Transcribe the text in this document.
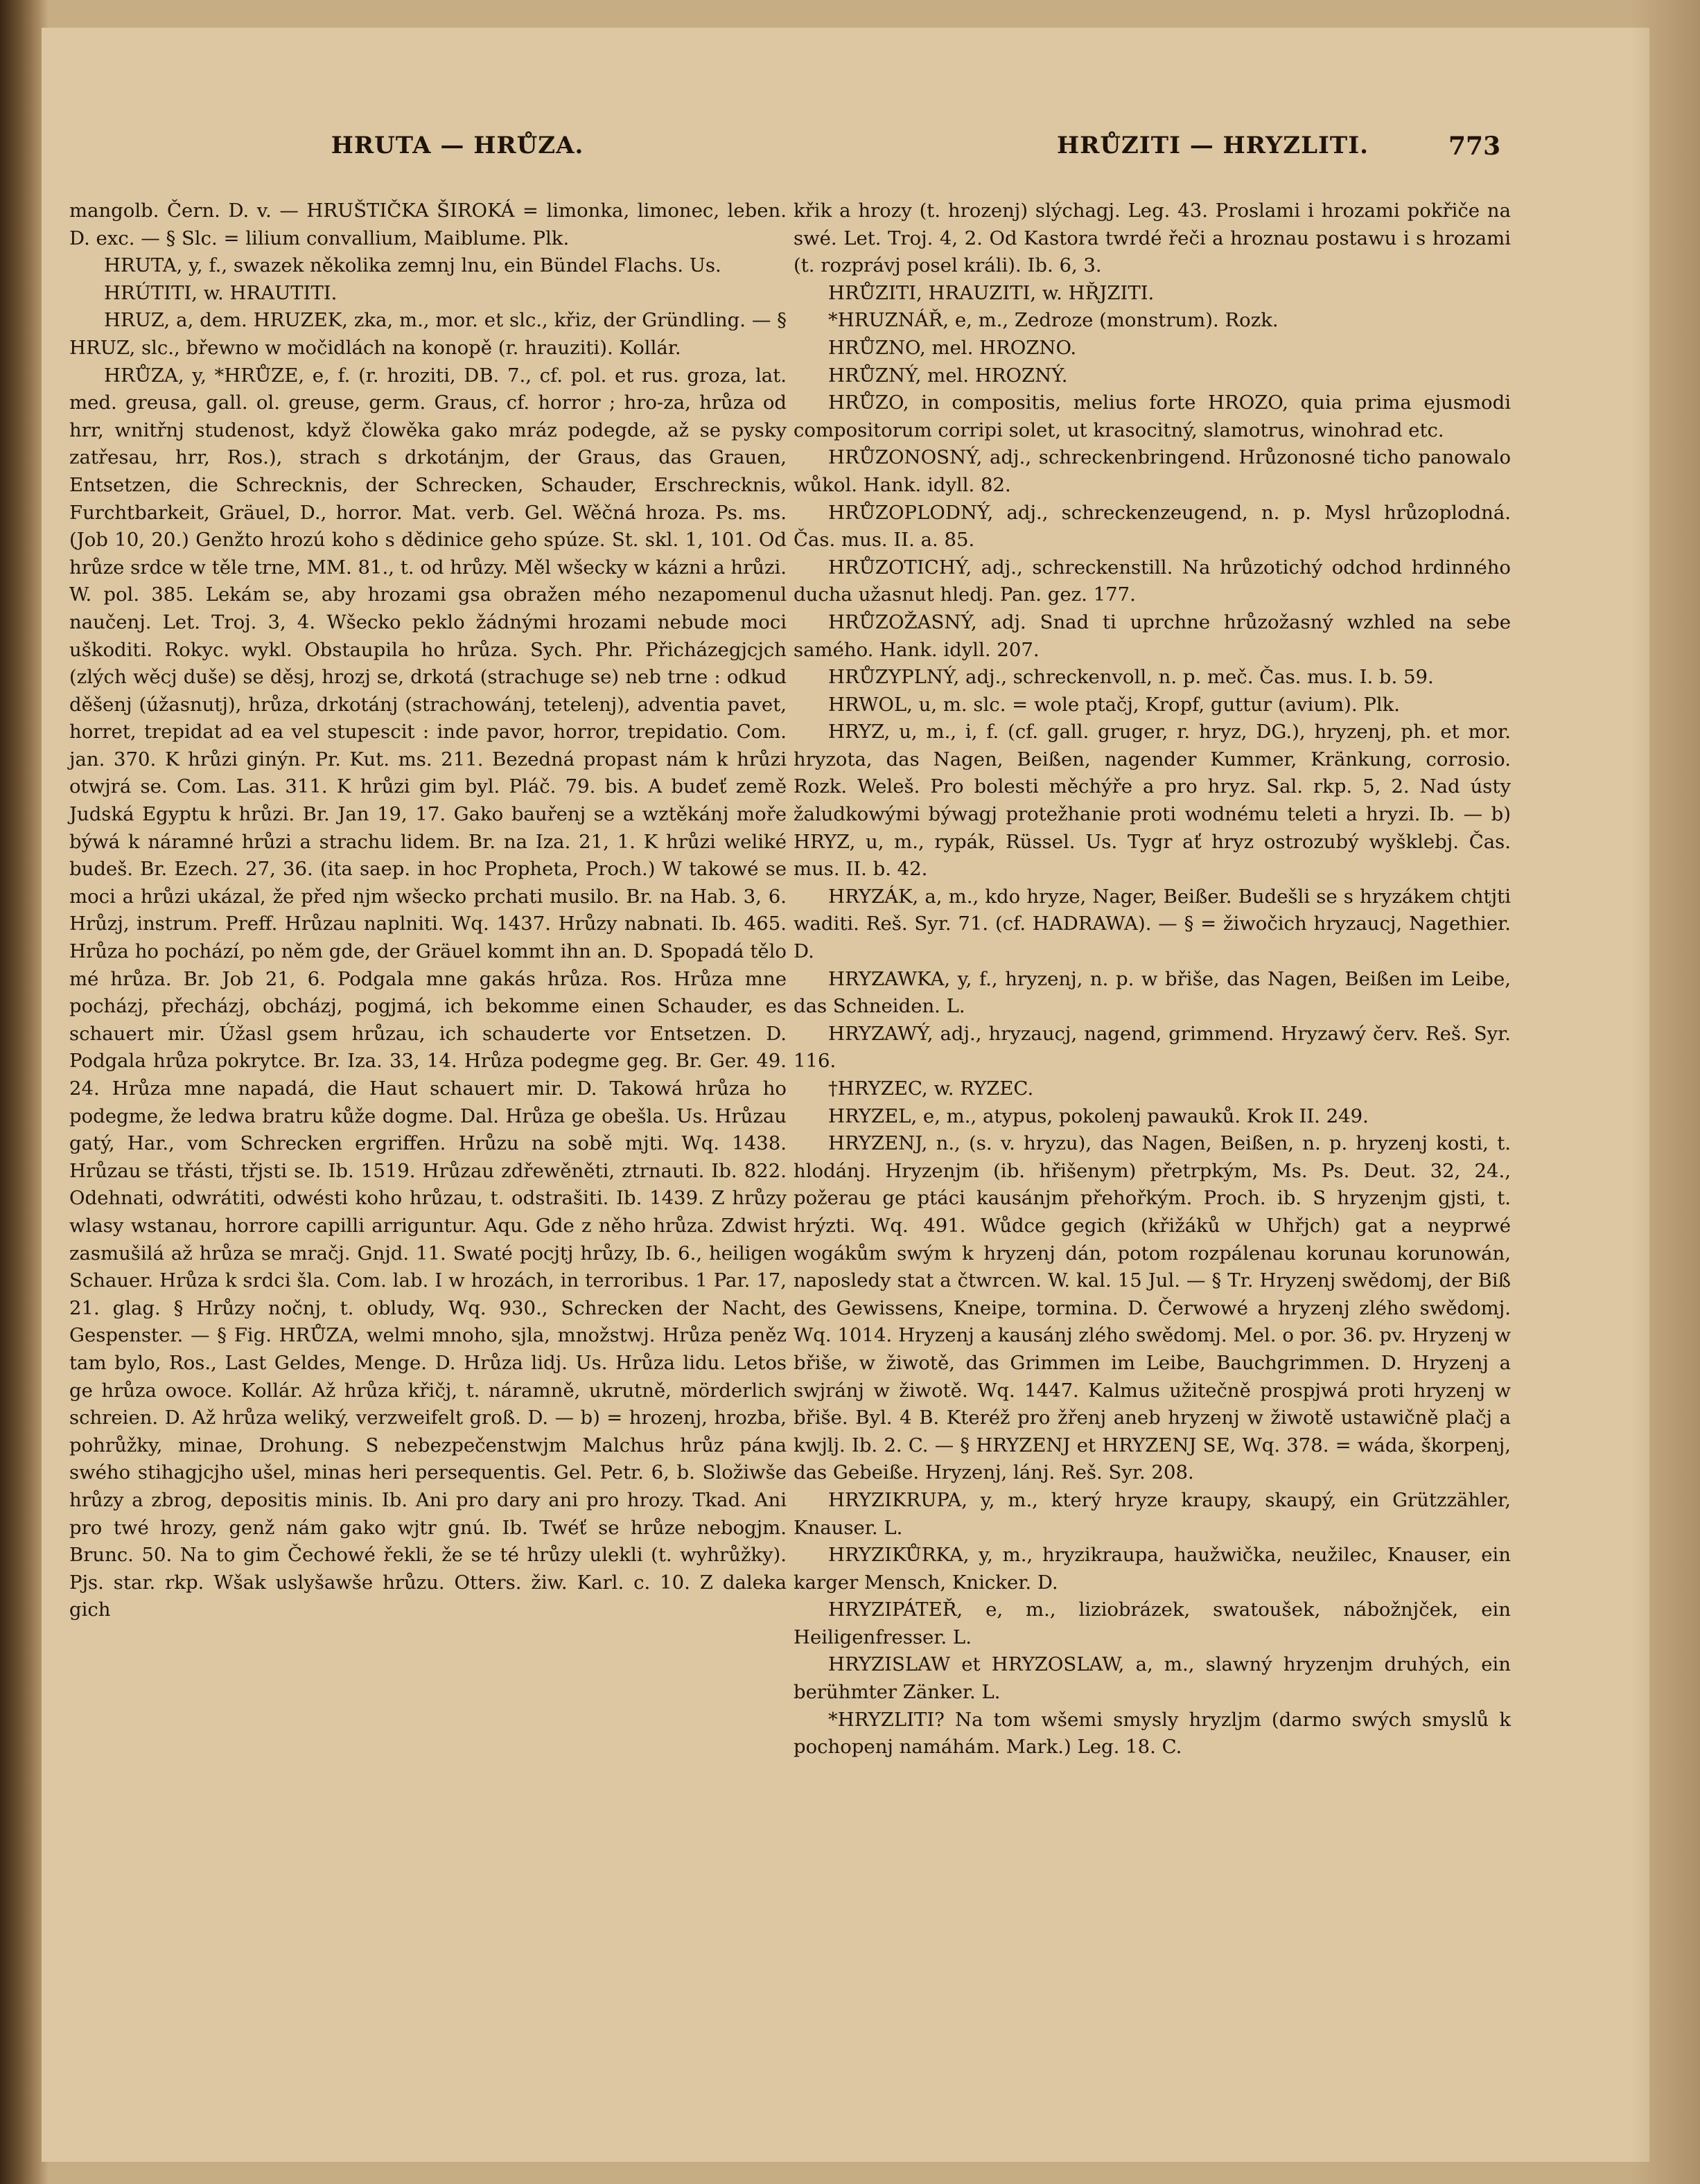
HRUTA — HRŮZA.	HRŮZITI — HRYZLITI.	773

mangolb. Čern. D. v. — HRUŠTIČKA ŠIROKÁ = limonka, limonec, leben. D. exc. — § Slc. = lilium convallium, Maiblume. Plk.

HRUTA, y, f., swazek několika zemnj lnu, ein Bündel Flachs. Us.

HRÚTITI, w. HRAUTITI.

HRUZ, a, dem. HRUZEK, zka, m., mor. et slc., křiz, der Gründling. — § HRUZ, slc., břewno w močidlách na konopě (r. hrauziti). Kollár.

HRŮZA, y, *HRŮZE, e, f. (r. hroziti, DB. 7., cf. pol. et rus. groza, lat. med. greusa, gall. ol. greuse, germ. Graus, cf. horror ; hro-za, hrůza od hrr, wnitřnj studenost, když člowěka gako mráz podegde, až se pysky zatřesau, hrr, Ros.), strach s drkotánjm, der Graus, das Grauen, Entsetzen, die Schrecknis, der Schrecken, Schauder, Erschrecknis, Furchtbarkeit, Gräuel, D., horror. Mat. verb. Gel. Wěčná hroza. Ps. ms. (Job 10, 20.) Genžto hrozú koho s dědinice geho spúze. St. skl. 1, 101. Od hrůze srdce w těle trne, MM. 81., t. od hrůzy. Měl wšecky w kázni a hrůzi. W. pol. 385. Lekám se, aby hrozami gsa obražen mého nezapomenul naučenj. Let. Troj. 3, 4. Wšecko peklo žádnými hrozami nebude moci uškoditi. Rokyc. wykl. Obstaupila ho hrůza. Sych. Phr. Přicházegjcjch (zlých wěcj duše) se děsj, hrozj se, drkotá (strachuge se) neb trne : odkud děšenj (úžasnutj), hrůza, drkotánj (strachowánj, tetelenj), adventia pavet, horret, trepidat ad ea vel stupescit : inde pavor, horror, trepidatio. Com. jan. 370. K hrůzi ginýn. Pr. Kut. ms. 211. Bezedná propast nám k hrůzi otwjrá se. Com. Las. 311. K hrůzi gim byl. Pláč. 79. bis. A budeť země Judská Egyptu k hrůzi. Br. Jan 19, 17. Gako bauřenj se a wztěkánj moře býwá k náramné hrůzi a strachu lidem. Br. na Iza. 21, 1. K hrůzi weliké budeš. Br. Ezech. 27, 36. (ita saep. in hoc Propheta, Proch.) W takowé se moci a hrůzi ukázal, že před njm wšecko prchati musilo. Br. na Hab. 3, 6. Hrůzj, instrum. Preff. Hrůzau naplniti. Wq. 1437. Hrůzy nabnati. Ib. 465. Hrůza ho pochází, po něm gde, der Gräuel kommt ihn an. D. Spopadá tělo mé hrůza. Br. Job 21, 6. Podgala mne gakás hrůza. Ros. Hrůza mne pocházj, přecházj, obcházj, pogjmá, ich bekomme einen Schauder, es schauert mir. Úžasl gsem hrůzau, ich schauderte vor Entsetzen. D. Podgala hrůza pokrytce. Br. Iza. 33, 14. Hrůza podegme geg. Br. Ger. 49. 24. Hrůza mne napadá, die Haut schauert mir. D. Takowá hrůza ho podegme, že ledwa bratru kůže dogme. Dal. Hrůza ge obešla. Us. Hrůzau gatý, Har., vom Schrecken ergriffen. Hrůzu na sobě mjti. Wq. 1438. Hrůzau se třásti, třjsti se. Ib. 1519. Hrůzau zdřewěněti, ztrnauti. Ib. 822. Odehnati, odwrátiti, odwésti koho hrůzau, t. odstrašiti. Ib. 1439. Z hrůzy wlasy wstanau, horrore capilli arriguntur. Aqu. Gde z něho hrůza. Zdwist zasmušilá až hrůza se mračj. Gnjd. 11. Swaté pocjtj hrůzy, Ib. 6., heiligen Schauer. Hrůza k srdci šla. Com. lab. I w hrozách, in terroribus. 1 Par. 17, 21. glag. § Hrůzy nočnj, t. obludy, Wq. 930., Schrecken der Nacht, Gespenster. — § Fig. HRŮZA, welmi mnoho, sjla, množstwj. Hrůza peněz tam bylo, Ros., Last Geldes, Menge. D. Hrůza lidj. Us. Hrůza lidu. Letos ge hrůza owoce. Kollár. Až hrůza křičj, t. náramně, ukrutně, mörderlich schreien. D. Až hrůza weliký, verzweifelt groß. D. — b) = hrozenj, hrozba, pohrůžky, minae, Drohung. S nebezpečenstwjm Malchus hrůz pána swého stihagjcjho ušel, minas heri persequentis. Gel. Petr. 6, b. Složiwše hrůzy a zbrog, depositis minis. Ib. Ani pro dary ani pro hrozy. Tkad. Ani pro twé hrozy, genž nám gako wjtr gnú. Ib. Twéť se hrůze nebogjm. Brunc. 50. Na to gim Čechowé řekli, že se té hrůzy ulekli (t. wyhrůžky). Pjs. star. rkp. Wšak uslyšawše hrůzu. Otters. žiw. Karl. c. 10. Z daleka gich

křik a hrozy (t. hrozenj) slýchagj. Leg. 43. Proslami i hrozami pokřiče na swé. Let. Troj. 4, 2. Od Kastora twrdé řeči a hroznau postawu i s hrozami (t. rozprávj posel králi). Ib. 6, 3.

HRŮZITI, HRAUZITI, w. HŘJZITI.

*HRUZNÁŘ, e, m., Zedroze (monstrum). Rozk.

HRŮZNO, mel. HROZNO.

HRŮZNÝ, mel. HROZNÝ.

HRŮZO, in compositis, melius forte HROZO, quia prima ejusmodi compositorum corripi solet, ut krasocitný, slamotrus, winohrad etc.

HRŮZONOSNÝ, adj., schreckenbringend. Hrůzonosné ticho panowalo wůkol. Hank. idyll. 82.

HRŮZOPLODNÝ, adj., schreckenzeugend, n. p. Mysl hrůzoplodná. Čas. mus. II. a. 85.

HRŮZOTICHÝ, adj., schreckenstill. Na hrůzotichý odchod hrdinného ducha užasnut hledj. Pan. gez. 177.

HRŮZOŽASNÝ, adj. Snad ti uprchne hrůzožasný wzhled na sebe samého. Hank. idyll. 207.

HRŮZYPLNÝ, adj., schreckenvoll, n. p. meč. Čas. mus. I. b. 59.

HRWOL, u, m. slc. = wole ptačj, Kropf, guttur (avium). Plk.

HRYZ, u, m., i, f. (cf. gall. gruger, r. hryz, DG.), hryzenj, ph. et mor. hryzota, das Nagen, Beißen, nagender Kummer, Kränkung, corrosio. Rozk. Weleš. Pro bolesti měchýře a pro hryz. Sal. rkp. 5, 2. Nad ústy žaludkowými býwagj protežhanie proti wodnému teleti a hryzi. Ib. — b) HRYZ, u, m., rypák, Rüssel. Us. Tygr ať hryz ostrozubý wyšklebj. Čas. mus. II. b. 42.

HRYZÁK, a, m., kdo hryze, Nager, Beißer. Budešli se s hryzákem chtjti waditi. Reš. Syr. 71. (cf. HADRAWA). — § = žiwočich hryzaucj, Nagethier. D.

HRYZAWKA, y, f., hryzenj, n. p. w břiše, das Nagen, Beißen im Leibe, das Schneiden. L.

HRYZAWÝ, adj., hryzaucj, nagend, grimmend. Hryzawý červ. Reš. Syr. 116.

†HRYZEC, w. RYZEC.

HRYZEL, e, m., atypus, pokolenj pawauků. Krok II. 249.

HRYZENJ, n., (s. v. hryzu), das Nagen, Beißen, n. p. hryzenj kosti, t. hlodánj. Hryzenjm (ib. hřišenym) přetrpkým, Ms. Ps. Deut. 32, 24., požerau ge ptáci kausánjm přehořkým. Proch. ib. S hryzenjm gjsti, t. hrýzti. Wq. 491. Wůdce gegich (křižáků w Uhřjch) gat a neyprwé wogákům swým k hryzenj dán, potom rozpálenau korunau korunowán, naposledy stat a čtwrcen. W. kal. 15 Jul. — § Tr. Hryzenj swědomj, der Biß des Gewissens, Kneipe, tormina. D. Čerwowé a hryzenj zlého swědomj. Wq. 1014. Hryzenj a kausánj zlého swědomj. Mel. o por. 36. pv. Hryzenj w břiše, w žiwotě, das Grimmen im Leibe, Bauchgrimmen. D. Hryzenj a swjránj w žiwotě. Wq. 1447. Kalmus užitečně prospjwá proti hryzenj w břiše. Byl. 4 B. Kteréž pro žřenj aneb hryzenj w žiwotě ustawičně plačj a kwjlj. Ib. 2. C. — § HRYZENJ et HRYZENJ SE, Wq. 378. = wáda, škorpenj, das Gebeiße. Hryzenj, lánj. Reš. Syr. 208.

HRYZIKRUPA, y, m., který hryze kraupy, skaupý, ein Grützzähler, Knauser. L.

HRYZIKŮRKA, y, m., hryzikraupa, haužwička, neužilec, Knauser, ein karger Mensch, Knicker. D.

HRYZIPÁTEŘ, e, m., liziobrázek, swatoušek, nábožnjček, ein Heiligenfresser. L.

HRYZISLAW et HRYZOSLAW, a, m., slawný hryzenjm druhých, ein berühmter Zänker. L.

*HRYZLITI? Na tom wšemi smysly hryzljm (darmo swých smyslů k pochopenj namáhám. Mark.) Leg. 18. C.
